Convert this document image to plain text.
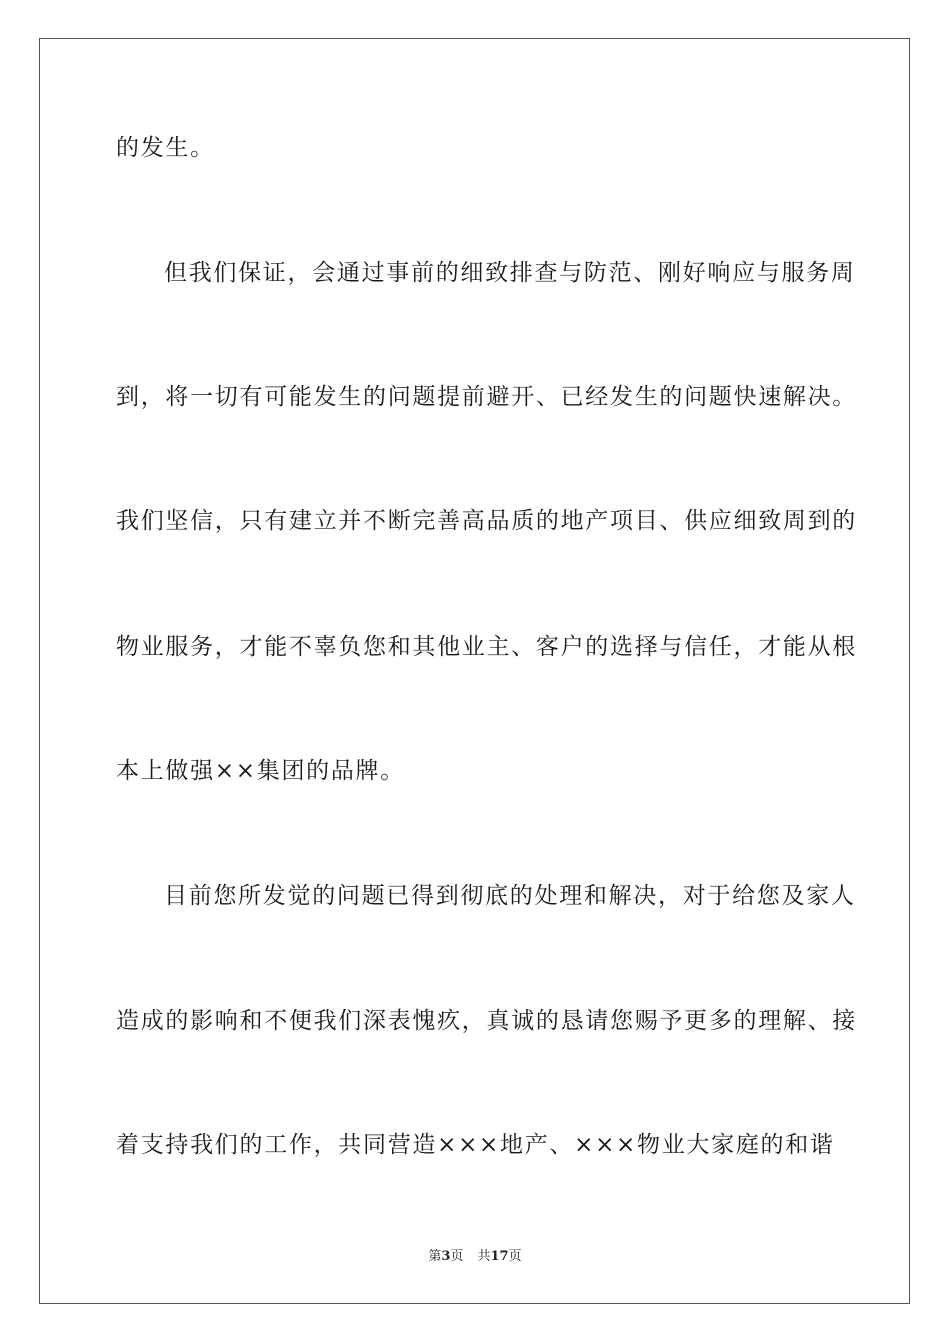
的发生。
但我们保证，会通过事前的细致排查与防范、刚好响应与服务周
到，将一切有可能发生的问题提前避开、已经发生的问题快速解决。
我们坚信，只有建立并不断完善高品质的地产项目、供应细致周到的
物业服务，才能不辜负您和其他业主、客户的选择与信任，才能从根
本上做强××集团的品牌。
目前您所发觉的问题已得到彻底的处理和解决，对于给您及家人
造成的影响和不便我们深表愧疚，真诚的恳请您赐予更多的理解、接
着支持我们的工作，共同营造×××地产、×××物业大家庭的和谐
第3页 共17页
